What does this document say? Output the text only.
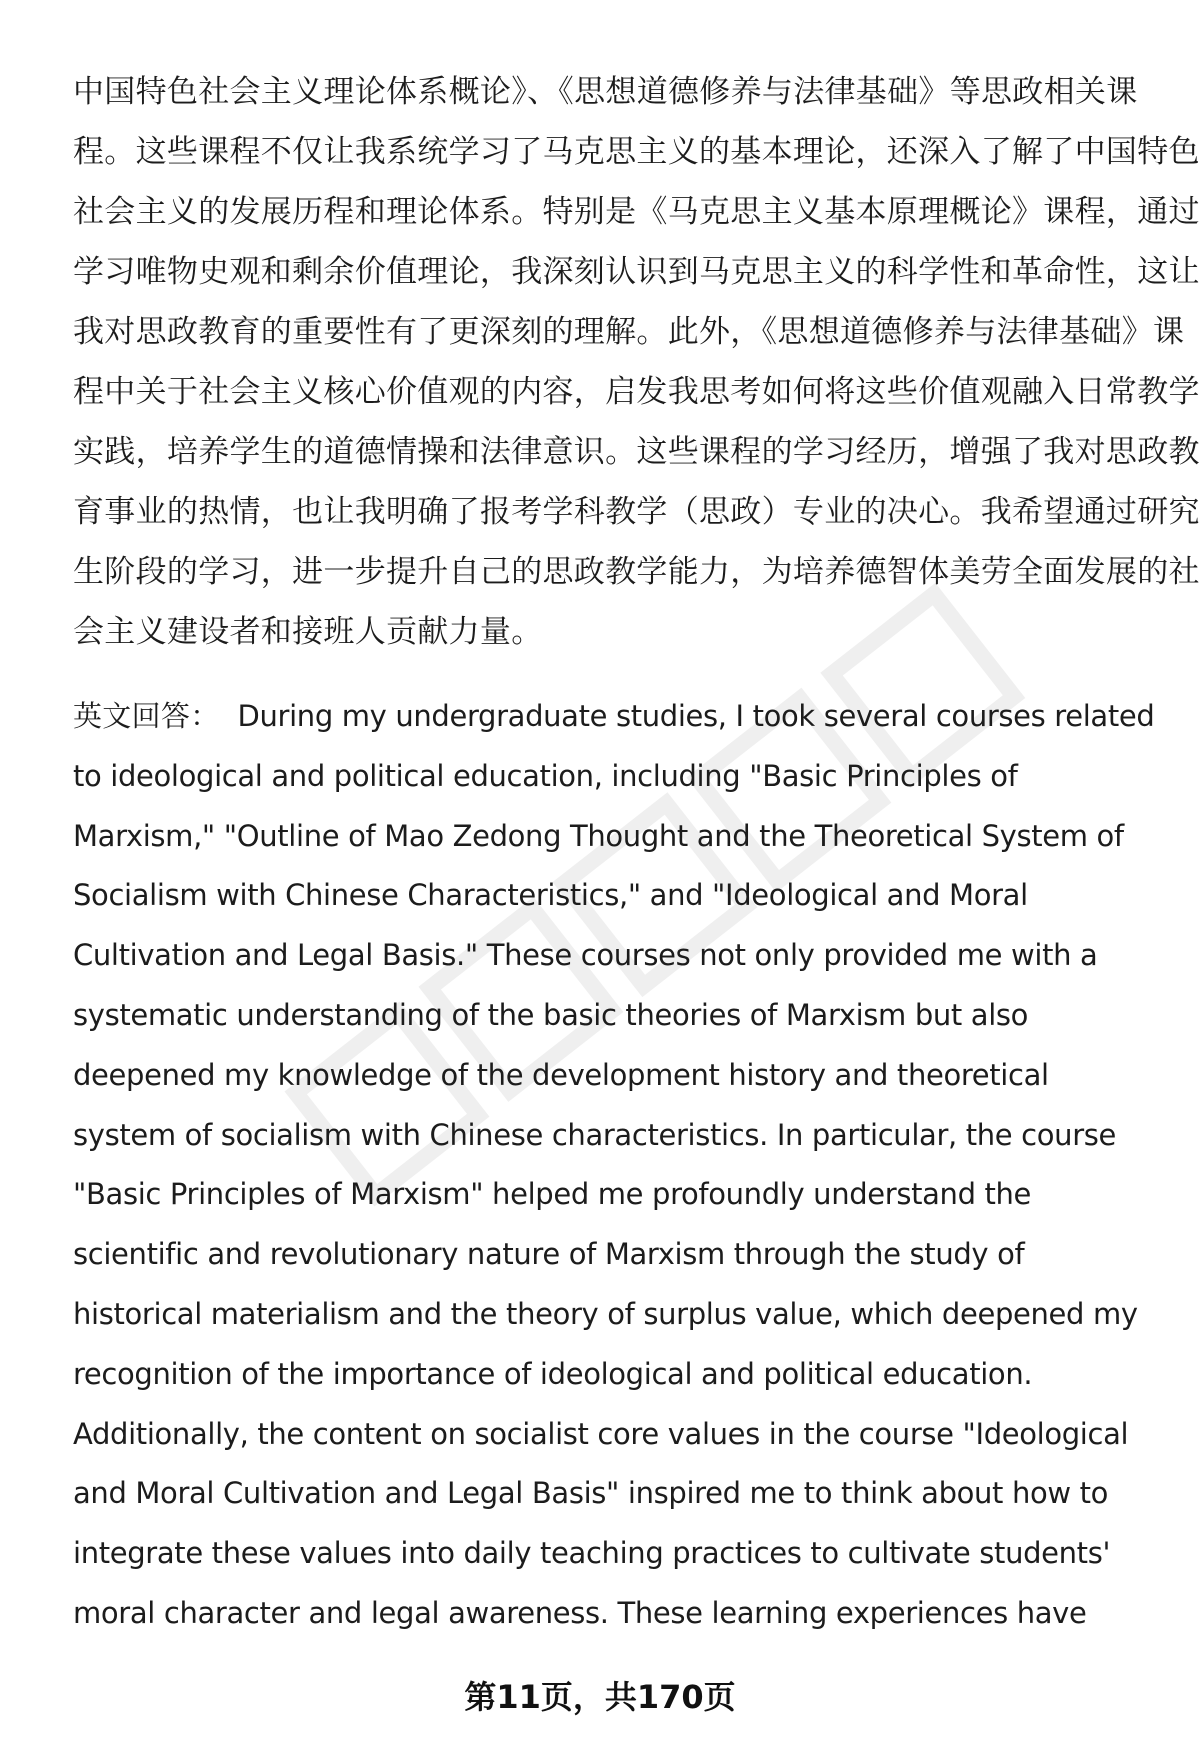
中国特色社会主义理论体系概论》、《思想道德修养与法律基础》等思政相关课
程。这些课程不仅让我系统学习了马克思主义的基本理论，还深入了解了中国特色
社会主义的发展历程和理论体系。特别是《马克思主义基本原理概论》课程，通过
学习唯物史观和剩余价值理论，我深刻认识到马克思主义的科学性和革命性，这让
我对思政教育的重要性有了更深刻的理解。此外，《思想道德修养与法律基础》课
程中关于社会主义核心价值观的内容，启发我思考如何将这些价值观融入日常教学
实践，培养学生的道德情操和法律意识。这些课程的学习经历，增强了我对思政教
育事业的热情，也让我明确了报考学科教学（思政）专业的决心。我希望通过研究
生阶段的学习，进一步提升自己的思政教学能力，为培养德智体美劳全面发展的社
会主义建设者和接班人贡献力量。
英文回答： During my undergraduate studies, I took several courses related
to ideological and political education, including "Basic Principles of
Marxism," "Outline of Mao Zedong Thought and the Theoretical System of
Socialism with Chinese Characteristics," and "Ideological and Moral
Cultivation and Legal Basis." These courses not only provided me with a
systematic understanding of the basic theories of Marxism but also
deepened my knowledge of the development history and theoretical
system of socialism with Chinese characteristics. In particular, the course
"Basic Principles of Marxism" helped me profoundly understand the
scientific and revolutionary nature of Marxism through the study of
historical materialism and the theory of surplus value, which deepened my
recognition of the importance of ideological and political education.
Additionally, the content on socialist core values in the course "Ideological
and Moral Cultivation and Legal Basis" inspired me to think about how to
integrate these values into daily teaching practices to cultivate students'
moral character and legal awareness. These learning experiences have
第11页，共170页
